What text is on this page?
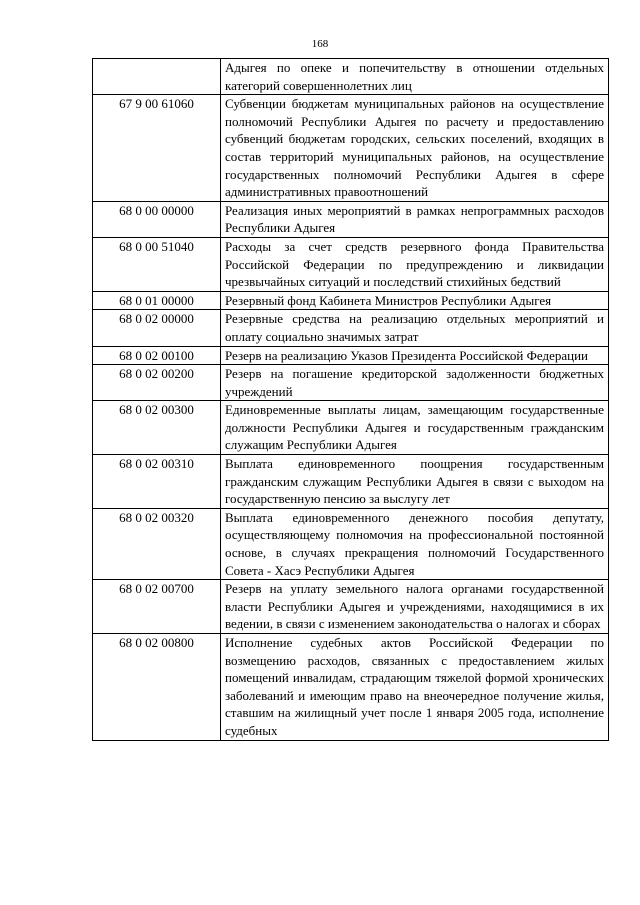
168
	Адыгея по опеке и попечительству в отношении отдельных категорий совершеннолетних лиц
67 9 00 61060	Субвенции бюджетам муниципальных районов на осуществление полномочий Республики Адыгея по расчету и предоставлению субвенций бюджетам городских, сельских поселений, входящих в состав территорий муниципальных районов, на осуществление государственных полномочий Республики Адыгея в сфере административных правоотношений
68 0 00 00000	Реализация иных мероприятий в рамках непрограммных расходов Республики Адыгея
68 0 00 51040	Расходы за счет средств резервного фонда Правительства Российской Федерации по предупреждению и ликвидации чрезвычайных ситуаций и последствий стихийных бедствий
68 0 01 00000	Резервный фонд Кабинета Министров Республики Адыгея
68 0 02 00000	Резервные средства на реализацию отдельных мероприятий и оплату социально значимых затрат
68 0 02 00100	Резерв на реализацию Указов Президента Российской Федерации
68 0 02 00200	Резерв на погашение кредиторской задолженности бюджетных учреждений
68 0 02 00300	Единовременные выплаты лицам, замещающим государственные должности Республики Адыгея и государственным гражданским служащим Республики Адыгея
68 0 02 00310	Выплата единовременного поощрения государственным гражданским служащим Республики Адыгея в связи с выходом на государственную пенсию за выслугу лет
68 0 02 00320	Выплата единовременного денежного пособия депутату, осуществляющему полномочия на профессиональной постоянной основе, в случаях прекращения полномочий Государственного Совета - Хасэ Республики Адыгея
68 0 02 00700	Резерв на уплату земельного налога органами государственной власти Республики Адыгея и учреждениями, находящимися в их ведении, в связи с изменением законодательства о налогах и сборах
68 0 02 00800	Исполнение судебных актов Российской Федерации по возмещению расходов, связанных с предоставлением жилых помещений инвалидам, страдающим тяжелой формой хронических заболеваний и имеющим право на внеочередное получение жилья, ставшим на жилищный учет после 1 января 2005 года, исполнение судебных
